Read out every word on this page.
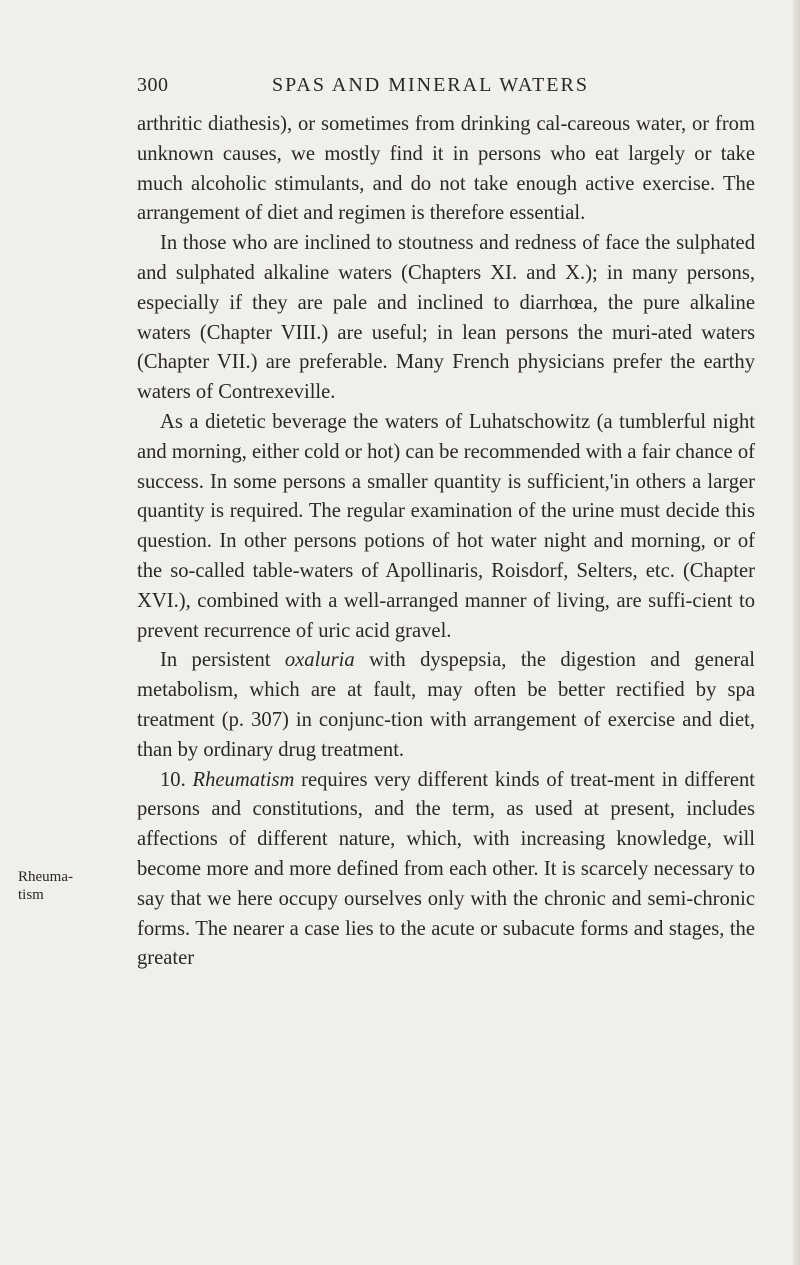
300	SPAS AND MINERAL WATERS
Rheuma-
tism

arthritic diathesis), or sometimes from drinking cal-careous water, or from unknown causes, we mostly find it in persons who eat largely or take much alcoholic stimulants, and do not take enough active exercise. The arrangement of diet and regimen is therefore essential.

In those who are inclined to stoutness and redness of face the sulphated and sulphated alkaline waters (Chapters XI. and X.); in many persons, especially if they are pale and inclined to diarrhœa, the pure alkaline waters (Chapter VIII.) are useful; in lean persons the muri-ated waters (Chapter VII.) are preferable. Many French physicians prefer the earthy waters of Contrexeville.

As a dietetic beverage the waters of Luhatschowitz (a tumblerful night and morning, either cold or hot) can be recommended with a fair chance of success. In some persons a smaller quantity is sufficient,'in others a larger quantity is required. The regular examination of the urine must decide this question. In other persons potions of hot water night and morning, or of the so-called table-waters of Apollinaris, Roisdorf, Selters, etc. (Chapter XVI.), combined with a well-arranged manner of living, are suffi-cient to prevent recurrence of uric acid gravel.

In persistent oxaluria with dyspepsia, the digestion and general metabolism, which are at fault, may often be better rectified by spa treatment (p. 307) in conjunc-tion with arrangement of exercise and diet, than by ordinary drug treatment.

10. Rheumatism requires very different kinds of treat-ment in different persons and constitutions, and the term, as used at present, includes affections of different nature, which, with increasing knowledge, will become more and more defined from each other. It is scarcely necessary to say that we here occupy ourselves only with the chronic and semi-chronic forms. The nearer a case lies to the acute or subacute forms and stages, the greater
